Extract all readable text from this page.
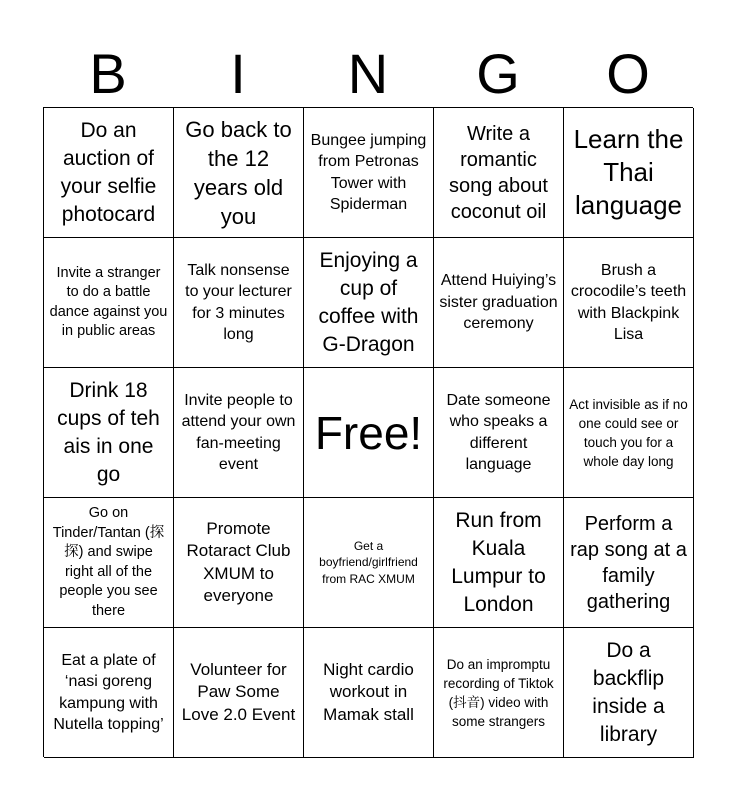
B	I	N	G	O
Do an auction of your selfie photocard
Go back to the 12 years old you
Bungee jumping from Petronas Tower with Spiderman
Write a romantic song about coconut oil
Learn the Thai language
Invite a stranger to do a battle dance against you in public areas
Talk nonsense to your lecturer for 3 minutes long
Enjoying a cup of coffee with G-Dragon
Attend Huiying’s sister graduation ceremony
Brush a crocodile’s teeth with Blackpink Lisa
Drink 18 cups of teh ais in one go
Invite people to attend your own fan-meeting event
Free!
Date someone who speaks a different language
Act invisible as if no one could see or touch you for a whole day long
Go on Tinder/Tantan (探探) and swipe right all of the people you see there
Promote Rotaract Club XMUM to everyone
Get a boyfriend/girlfriend from RAC XMUM
Run from Kuala Lumpur to London
Perform a rap song at a family gathering
Eat a plate of ‘nasi goreng kampung with Nutella topping’
Volunteer for Paw Some Love 2.0 Event
Night cardio workout in Mamak stall
Do an impromptu recording of Tiktok (抖音) video with some strangers
Do a backflip inside a library
